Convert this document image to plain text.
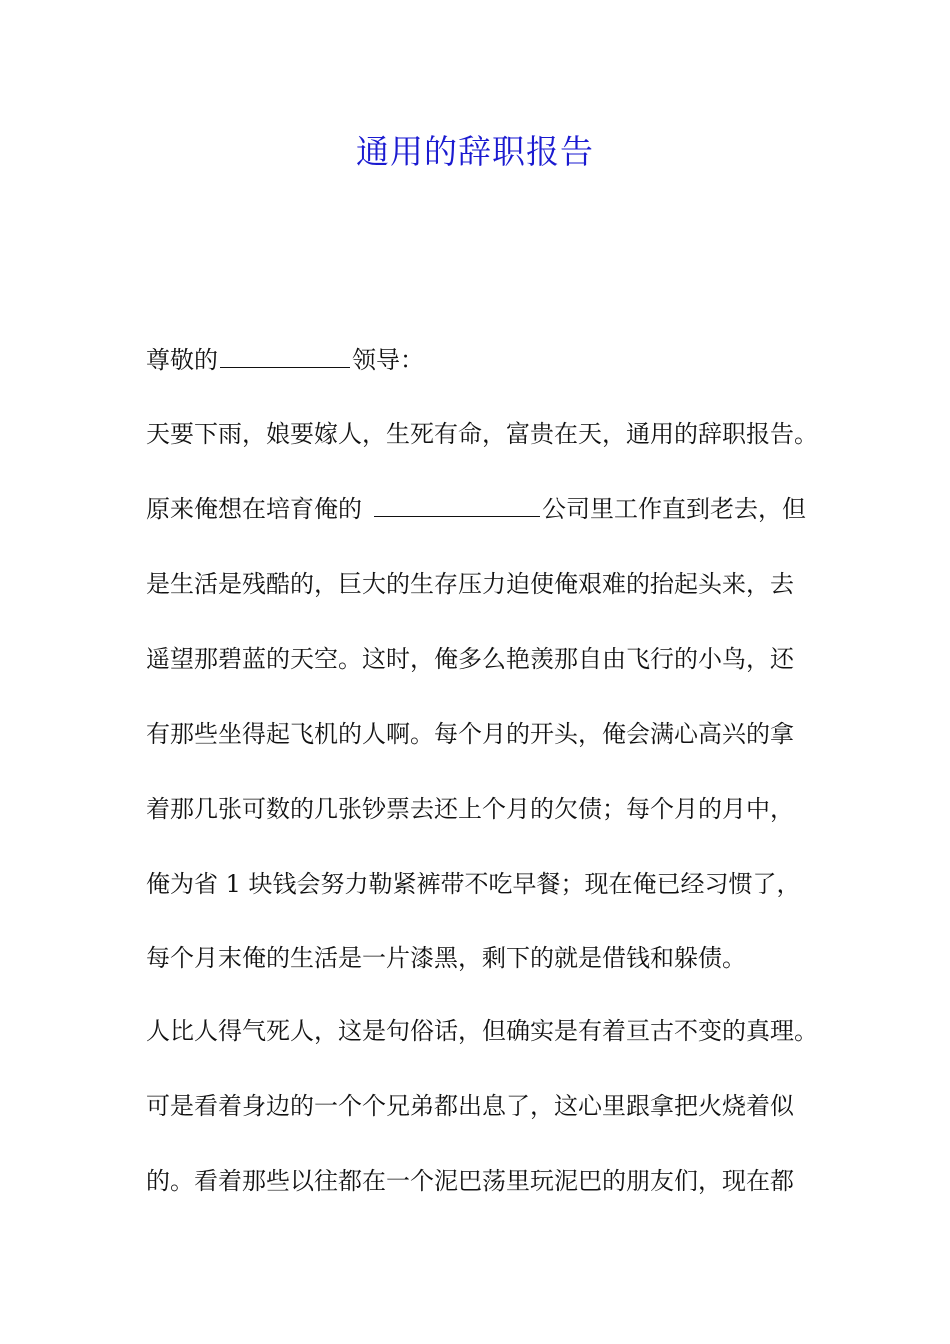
通用的辞职报告
尊敬的	领导：
天要下雨，娘要嫁人，生死有命，富贵在天，通用的辞职报告。
原来俺想在培育俺的	公司里工作直到老去，但
是生活是残酷的，巨大的生存压力迫使俺艰难的抬起头来，去
遥望那碧蓝的天空。这时，俺多么艳羡那自由飞行的小鸟，还
有那些坐得起飞机的人啊。每个月的开头，俺会满心高兴的拿
着那几张可数的几张钞票去还上个月的欠债；每个月的月中，
俺为省 1 块钱会努力勒紧裤带不吃早餐；现在俺已经习惯了，
每个月末俺的生活是一片漆黑，剩下的就是借钱和躲债。
人比人得气死人，这是句俗话，但确实是有着亘古不变的真理。
可是看着身边的一个个兄弟都出息了，这心里跟拿把火烧着似
的。看着那些以往都在一个泥巴荡里玩泥巴的朋友们，现在都
